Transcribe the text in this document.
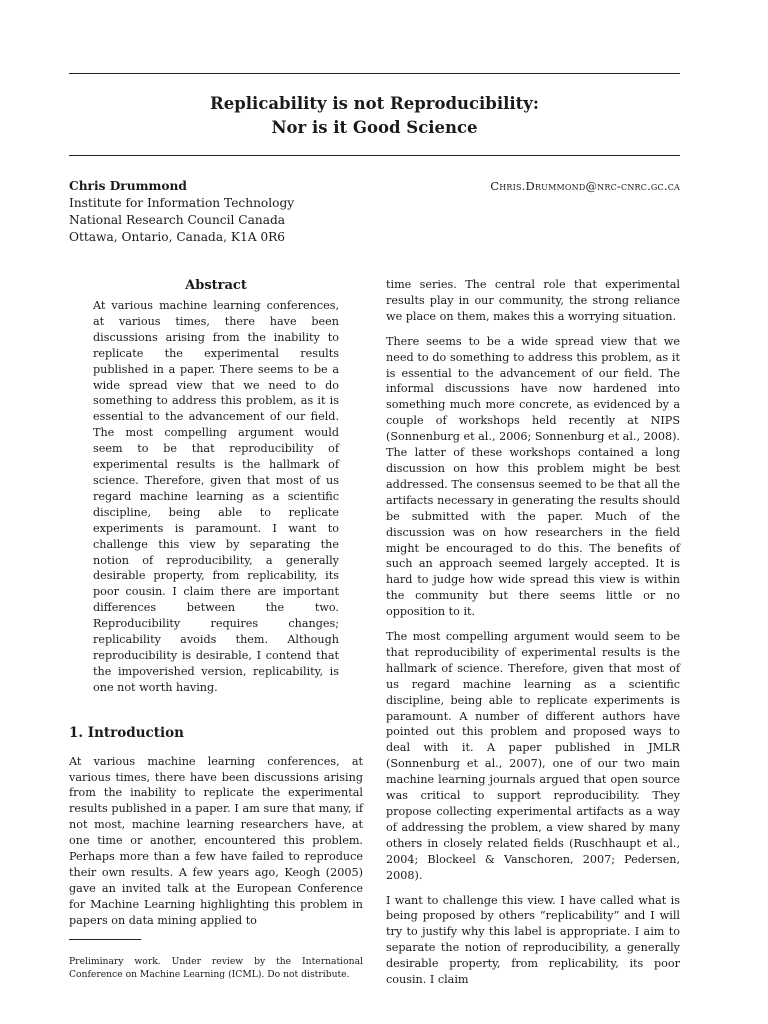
Replicability is not Reproducibility:
Nor is it Good Science
Chris Drummond
Institute for Information Technology
National Research Council Canada
Ottawa, Ontario, Canada, K1A 0R6
Chris.Drummond@nrc-cnrc.gc.ca
Abstract

At various machine learning conferences, at various times, there have been discussions arising from the inability to replicate the experimental results published in a paper. There seems to be a wide spread view that we need to do something to address this problem, as it is essential to the advancement of our field. The most compelling argument would seem to be that reproducibility of experimental results is the hallmark of science. Therefore, given that most of us regard machine learning as a scientific discipline, being able to replicate experiments is paramount. I want to challenge this view by separating the notion of reproducibility, a generally desirable property, from replicability, its poor cousin. I claim there are important differences between the two. Reproducibility requires changes; replicability avoids them. Although reproducibility is desirable, I contend that the impoverished version, replicability, is one not worth having.

1. Introduction

At various machine learning conferences, at various times, there have been discussions arising from the inability to replicate the experimental results published in a paper. I am sure that many, if not most, machine learning researchers have, at one time or another, encountered this problem. Perhaps more than a few have failed to reproduce their own results. A few years ago, Keogh (2005) gave an invited talk at the European Conference for Machine Learning highlighting this problem in papers on data mining applied to

Preliminary work. Under review by the International Conference on Machine Learning (ICML). Do not distribute.

time series. The central role that experimental results play in our community, the strong reliance we place on them, makes this a worrying situation.

There seems to be a wide spread view that we need to do something to address this problem, as it is essential to the advancement of our field. The informal discussions have now hardened into something much more concrete, as evidenced by a couple of workshops held recently at NIPS (Sonnenburg et al., 2006; Sonnenburg et al., 2008). The latter of these workshops contained a long discussion on how this problem might be best addressed. The consensus seemed to be that all the artifacts necessary in generating the results should be submitted with the paper. Much of the discussion was on how researchers in the field might be encouraged to do this. The benefits of such an approach seemed largely accepted. It is hard to judge how wide spread this view is within the community but there seems little or no opposition to it.

The most compelling argument would seem to be that reproducibility of experimental results is the hallmark of science. Therefore, given that most of us regard machine learning as a scientific discipline, being able to replicate experiments is paramount. A number of different authors have pointed out this problem and proposed ways to deal with it. A paper published in JMLR (Sonnenburg et al., 2007), one of our two main machine learning journals argued that open source was critical to support reproducibility. They propose collecting experimental artifacts as a way of addressing the problem, a view shared by many others in closely related fields (Ruschhaupt et al., 2004; Blockeel & Vanschoren, 2007; Pedersen, 2008).

I want to challenge this view. I have called what is being proposed by others “replicability” and I will try to justify why this label is appropriate. I aim to separate the notion of reproducibility, a generally desirable property, from replicability, its poor cousin. I claim
